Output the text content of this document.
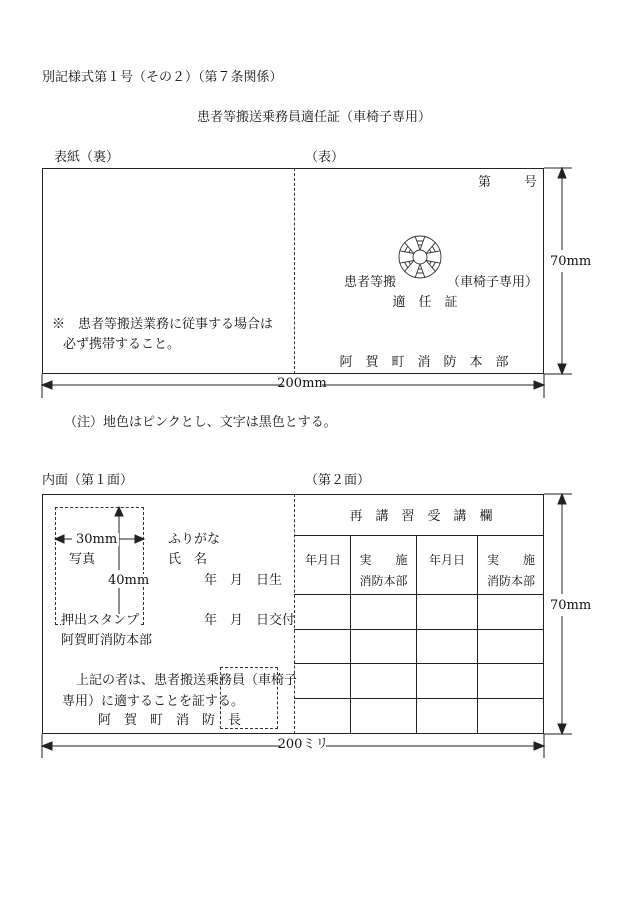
別記様式第１号（その２）（第７条関係）
患者等搬送乗務員適任証（車椅子専用）
表紙（裏）	（表）
第	号
患者等搬	（車椅子専用）
適　任　証
阿　賀　町　消　防　本　部
※　患者等搬送業務に従事する場合は
必ず携帯すること。
200mm
70mm
（注）地色はピンクとし、文字は黒色とする。
内面（第１面）	（第２面）
30mm
写真
40mm
押出スタンプ
阿賀町消防本部
ふりがな
氏　名
年　月　日生
年　月　日交付
上記の者は、患者搬送乗務員（車椅子
専用）に適することを証する。
阿　賀　町　消　防　長
再　講　習　受　講　欄
年月日	実　　施
消防本部
年月日	実　　施
消防本部
200ミリ
70mm
